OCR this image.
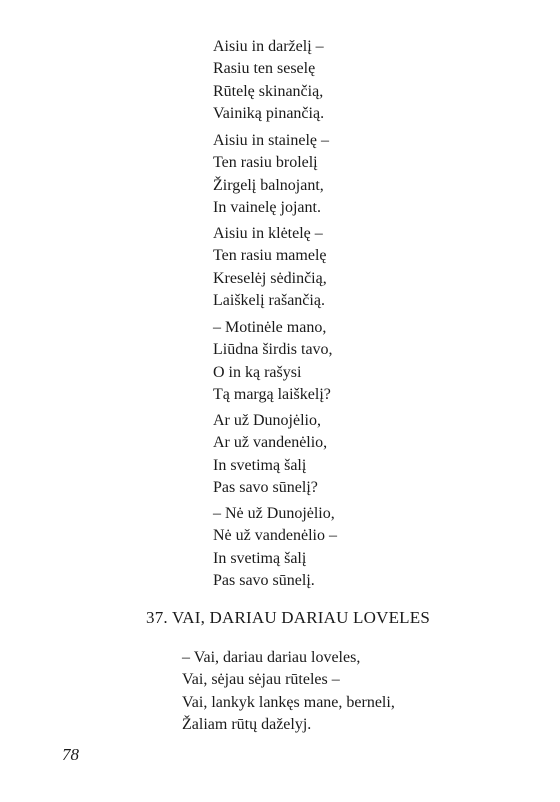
Aisiu in darželį –
Rasiu ten seselę
Rūtelę skinančią,
Vainiką pinančią.
Aisiu in stainelę –
Ten rasiu brolelį
Žirgelį balnojant,
In vainelę jojant.
Aisiu in klėtelę –
Ten rasiu mamelę
Kreselėj sėdinčią,
Laiškelį rašančią.
– Motinėle mano,
Liūdna širdis tavo,
O in ką rašysi
Tą margą laiškelį?
Ar už Dunojėlio,
Ar už vandenėlio,
In svetimą šalį
Pas savo sūnelį?
– Nė už Dunojėlio,
Nė už vandenėlio –
In svetimą šalį
Pas savo sūnelį.
37. VAI, DARIAU DARIAU LOVELES
– Vai, dariau dariau loveles,
Vai, sėjau sėjau rūteles –
Vai, lankyk lankęs mane, berneli,
Žaliam rūtų daželyj.
78
